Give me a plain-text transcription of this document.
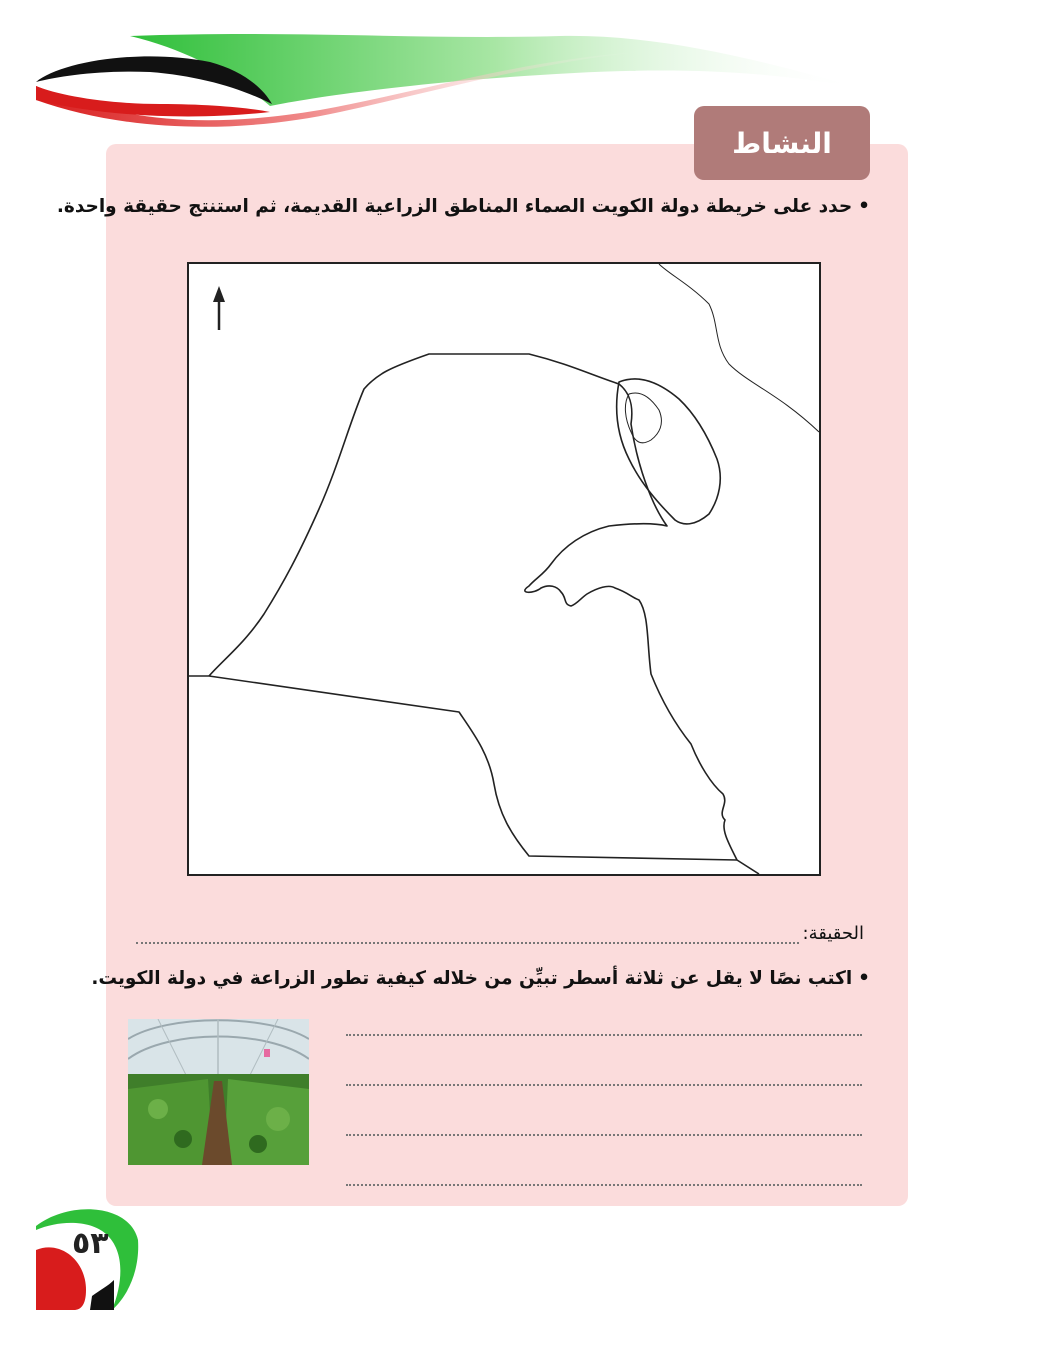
النشاط
•حدد على خريطة دولة الكويت الصماء المناطق الزراعية القديمة، ثم استنتج حقيقة واحدة.
الحقيقة:
•اكتب نصًا لا يقل عن ثلاثة أسطر تبيِّن من خلاله كيفية تطور الزراعة في دولة الكويت.
٥٣
